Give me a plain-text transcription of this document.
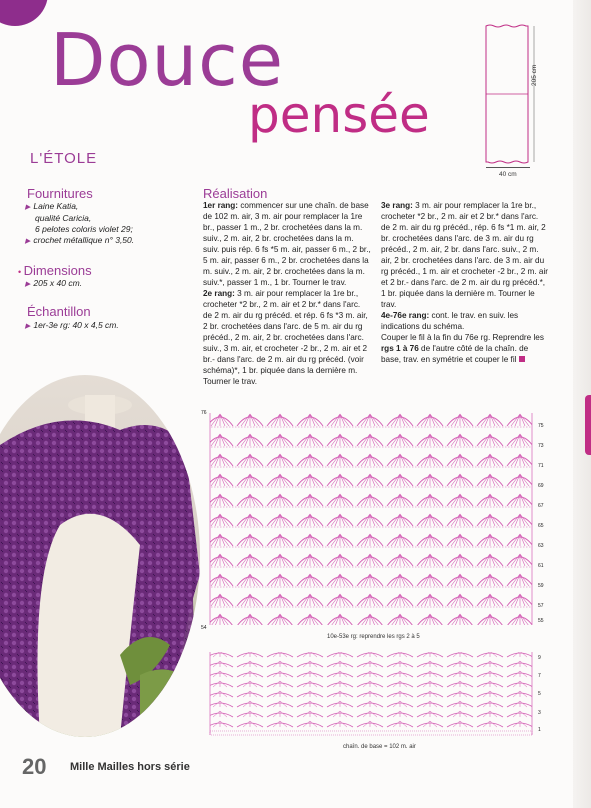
Douce
pensée
L'ÉTOLE
205 cm
40 cm
Fournitures
▶ Laine Katia,
qualité Caricia,
6 pelotes coloris violet 29;
▶ crochet métallique n° 3,50.
• Dimensions
▶ 205 x 40 cm.
Échantillon
▶ 1er-3e rg: 40 x 4,5 cm.
Réalisation

1er rang: commencer sur une chaîn. de base de 102 m. air, 3 m. air pour remplacer la 1re br., passer 1 m., 2 br. crochetées dans la m. suiv., 2 m. air, 2 br. crochetées dans la m. suiv. puis rép. 6 fs *5 m. air, passer 6 m., 2 br., 5 m. air, passer 6 m., 2 br. crochetées dans la m. suiv., 2 m. air, 2 br. crochetées dans la m. suiv.*, passer 1 m., 1 br. Tourner le trav.

2e rang: 3 m. air pour remplacer la 1re br., crocheter *2 br., 2 m. air et 2 br.* dans l'arc. de 2 m. air du rg précéd. et rép. 6 fs *3 m. air, 2 br. crochetées dans l'arc. de 5 m. air du rg précéd., 2 m. air, 2 br. crochetées dans l'arc. suiv., 3 m. air, et crocheter -2 br., 2 m. air et 2 br.- dans l'arc. de 2 m. air du rg précéd. (voir schéma)*, 1 br. piquée dans la dernière m. Tourner le trav.

3e rang: 3 m. air pour remplacer la 1re br., crocheter *2 br., 2 m. air et 2 br.* dans l'arc. de 2 m. air du rg précéd., rép. 6 fs *1 m. air, 2 br. crochetées dans l'arc. de 3 m. air du rg précéd., 2 m. air, 2 br. dans l'arc. suiv., 2 m. air, 2 br. crochetées dans l'arc. de 3 m. air du rg précéd., 1 m. air et crocheter -2 br., 2 m. air et 2 br.- dans l'arc. de 2 m. air du rg précéd.*, 1 br. piquée dans la dernière m. Tourner le trav.

4e-76e rang: cont. le trav. en suiv. les indications du schéma.

Couper le fil à la fin du 76e rg. Reprendre les rgs 1 à 76 de l'autre côté de la chaîn. de base, trav. en symétrie et couper le fil

76
75
73
71
69
67
65
63
61
59
57
55
54
10e-53e rg: reprendre les rgs 2 à 5
9
7
5
3
1
chaîn. de base = 102 m. air
20 Mille Mailles hors série
